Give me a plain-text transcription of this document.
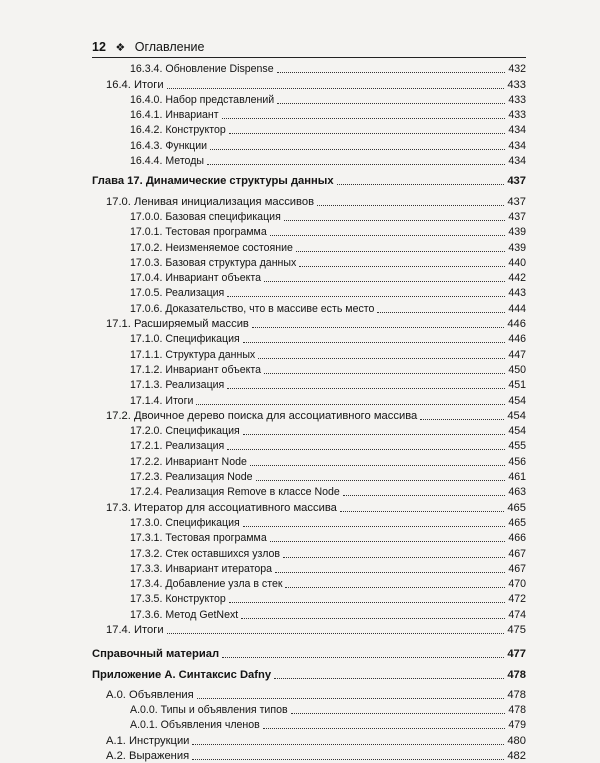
12 ❖ Оглавление
16.3.4. Обновление Dispense	432
16.4. Итоги	433
16.4.0. Набор представлений	433
16.4.1. Инвариант	433
16.4.2. Конструктор	434
16.4.3. Функции	434
16.4.4. Методы	434
Глава 17. Динамические структуры данных	437
17.0. Ленивая инициализация массивов	437
17.0.0. Базовая спецификация	437
17.0.1. Тестовая программа	439
17.0.2. Неизменяемое состояние	439
17.0.3. Базовая структура данных	440
17.0.4. Инвариант объекта	442
17.0.5. Реализация	443
17.0.6. Доказательство, что в массиве есть место	444
17.1. Расширяемый массив	446
17.1.0. Спецификация	446
17.1.1. Структура данных	447
17.1.2. Инвариант объекта	450
17.1.3. Реализация	451
17.1.4. Итоги	454
17.2. Двоичное дерево поиска для ассоциативного массива	454
17.2.0. Спецификация	454
17.2.1. Реализация	455
17.2.2. Инвариант Node	456
17.2.3. Реализация Node	461
17.2.4. Реализация Remove в классе Node	463
17.3. Итератор для ассоциативного массива	465
17.3.0. Спецификация	465
17.3.1. Тестовая программа	466
17.3.2. Стек оставшихся узлов	467
17.3.3. Инвариант итератора	467
17.3.4. Добавление узла в стек	470
17.3.5. Конструктор	472
17.3.6. Метод GetNext	474
17.4. Итоги	475
Справочный материал	477
Приложение A. Синтаксис Dafny	478
A.0. Объявления	478
A.0.0. Типы и объявления типов	478
A.0.1. Объявления членов	479
A.1. Инструкции	480
A.2. Выражения	482
